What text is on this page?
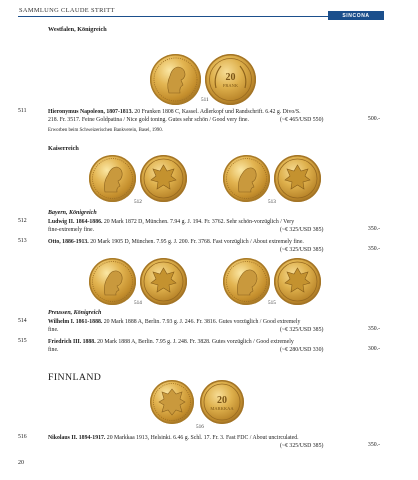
SAMMLUNG CLAUDE STRITT
SINCONA
Westfalen, Königreich
20
FRANK
511
511	Hieronymus Napoleon, 1807-1813. 20 Franken 1808 C, Kassel. Adlerkopf und Randschrift. 6.42 g. Divo/S.
218. Fr. 3517. Feine Goldpatina / Nice gold toning. Gutes sehr schön / Good very fine.	(~€ 465/USD 550)	500.-
Erworben beim Schweizerischen Bankverein, Basel, 1990.
Kaiserreich
512	513
Bayern, Königreich
512	Ludwig II. 1864-1886. 20 Mark 1872 D, München. 7.94 g. J. 194. Fr. 3762. Sehr schön-vorzüglich / Very
fine-extremely fine.	(~€ 325/USD 385)	350.-
513	Otto, 1886-1913. 20 Mark 1905 D, München. 7.95 g. J. 200. Fr. 3768. Fast vorzüglich / About extremely fine.
(~€ 325/USD 385)	350.-
514	515
Preussen, Königreich
514	Wilhelm I. 1861-1888. 20 Mark 1888 A, Berlin. 7.93 g. J. 246. Fr. 3816. Gutes vorzüglich / Good extremely
fine.	(~€ 325/USD 385)	350.-
515	Friedrich III. 1888. 20 Mark 1888 A, Berlin. 7.95 g. J. 248. Fr. 3828. Gutes vorzüglich / Good extremely
fine.	(~€ 280/USD 330)	300.-
FINNLAND
20
MARKKAA
516
516	Nikolaus II. 1894-1917. 20 Markkaa 1913, Helsinki. 6.46 g. Schl. 17. Fr. 3. Fast FDC / About uncirculated.
(~€ 325/USD 385)	350.-
20
